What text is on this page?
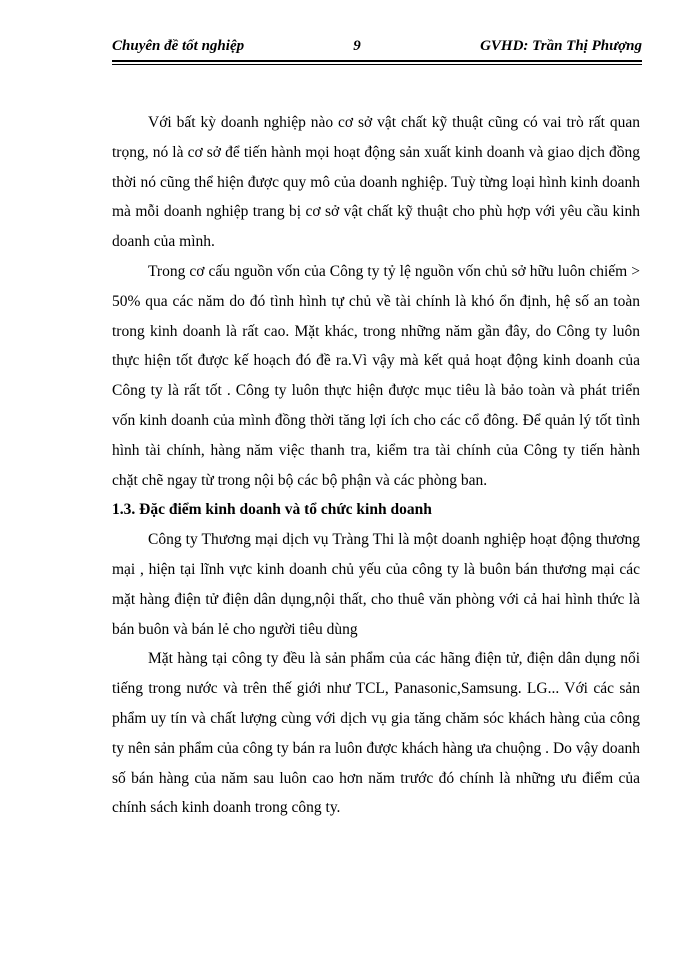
Chuyên đề tốt nghiệp	9	GVHD: Trần Thị Phượng

Với bất kỳ doanh nghiệp nào cơ sở vật chất kỹ thuật cũng có vai trò rất quan trọng, nó là cơ sở để tiến hành mọi hoạt động sản xuất kinh doanh và giao dịch đồng thời nó cũng thể hiện được quy mô của doanh nghiệp. Tuỳ từng loại hình kinh doanh mà mỗi doanh nghiệp trang bị cơ sở vật chất kỹ thuật cho phù hợp với yêu cầu kinh doanh của mình.

Trong cơ cấu nguồn vốn của Công ty tỷ lệ nguồn vốn chủ sở hữu luôn chiếm > 50% qua các năm do đó tình hình tự chủ về tài chính là khó ổn định, hệ số an toàn trong kinh doanh là rất cao. Mặt khác, trong những năm gần đây, do Công ty luôn thực hiện tốt được kế hoạch đó đề ra.Vì vậy mà kết quả hoạt động kinh doanh của Công ty là rất tốt . Công ty luôn thực hiện được mục tiêu là bảo toàn và phát triển vốn kinh doanh của mình đồng thời tăng lợi ích cho các cổ đông. Để quản lý tốt tình hình tài chính, hàng năm việc thanh tra, kiểm tra tài chính của Công ty tiến hành chặt chẽ ngay từ trong nội bộ các bộ phận và các phòng ban.

1.3. Đặc điểm kinh doanh và tổ chức kinh doanh

Công ty Thương mại dịch vụ Tràng Thi là một doanh nghiệp hoạt động thương mại , hiện tại lĩnh vực kinh doanh chủ yếu của công ty là buôn bán thương mại các mặt hàng điện tử điện dân dụng,nội thất, cho thuê văn phòng với cả hai hình thức là bán buôn và bán lẻ cho người tiêu dùng

Mặt hàng tại công ty đều là sản phẩm của các hãng điện tử, điện dân dụng nổi tiếng trong nước và trên thế giới như TCL, Panasonic,Samsung. LG... Với các sản phẩm uy tín và chất lượng cùng với dịch vụ gia tăng chăm sóc khách hàng của công ty nên sản phẩm của công ty bán ra luôn được khách hàng ưa chuộng . Do vậy doanh số bán hàng của năm sau luôn cao hơn năm trước đó chính là những ưu điểm của chính sách kinh doanh trong công ty.
